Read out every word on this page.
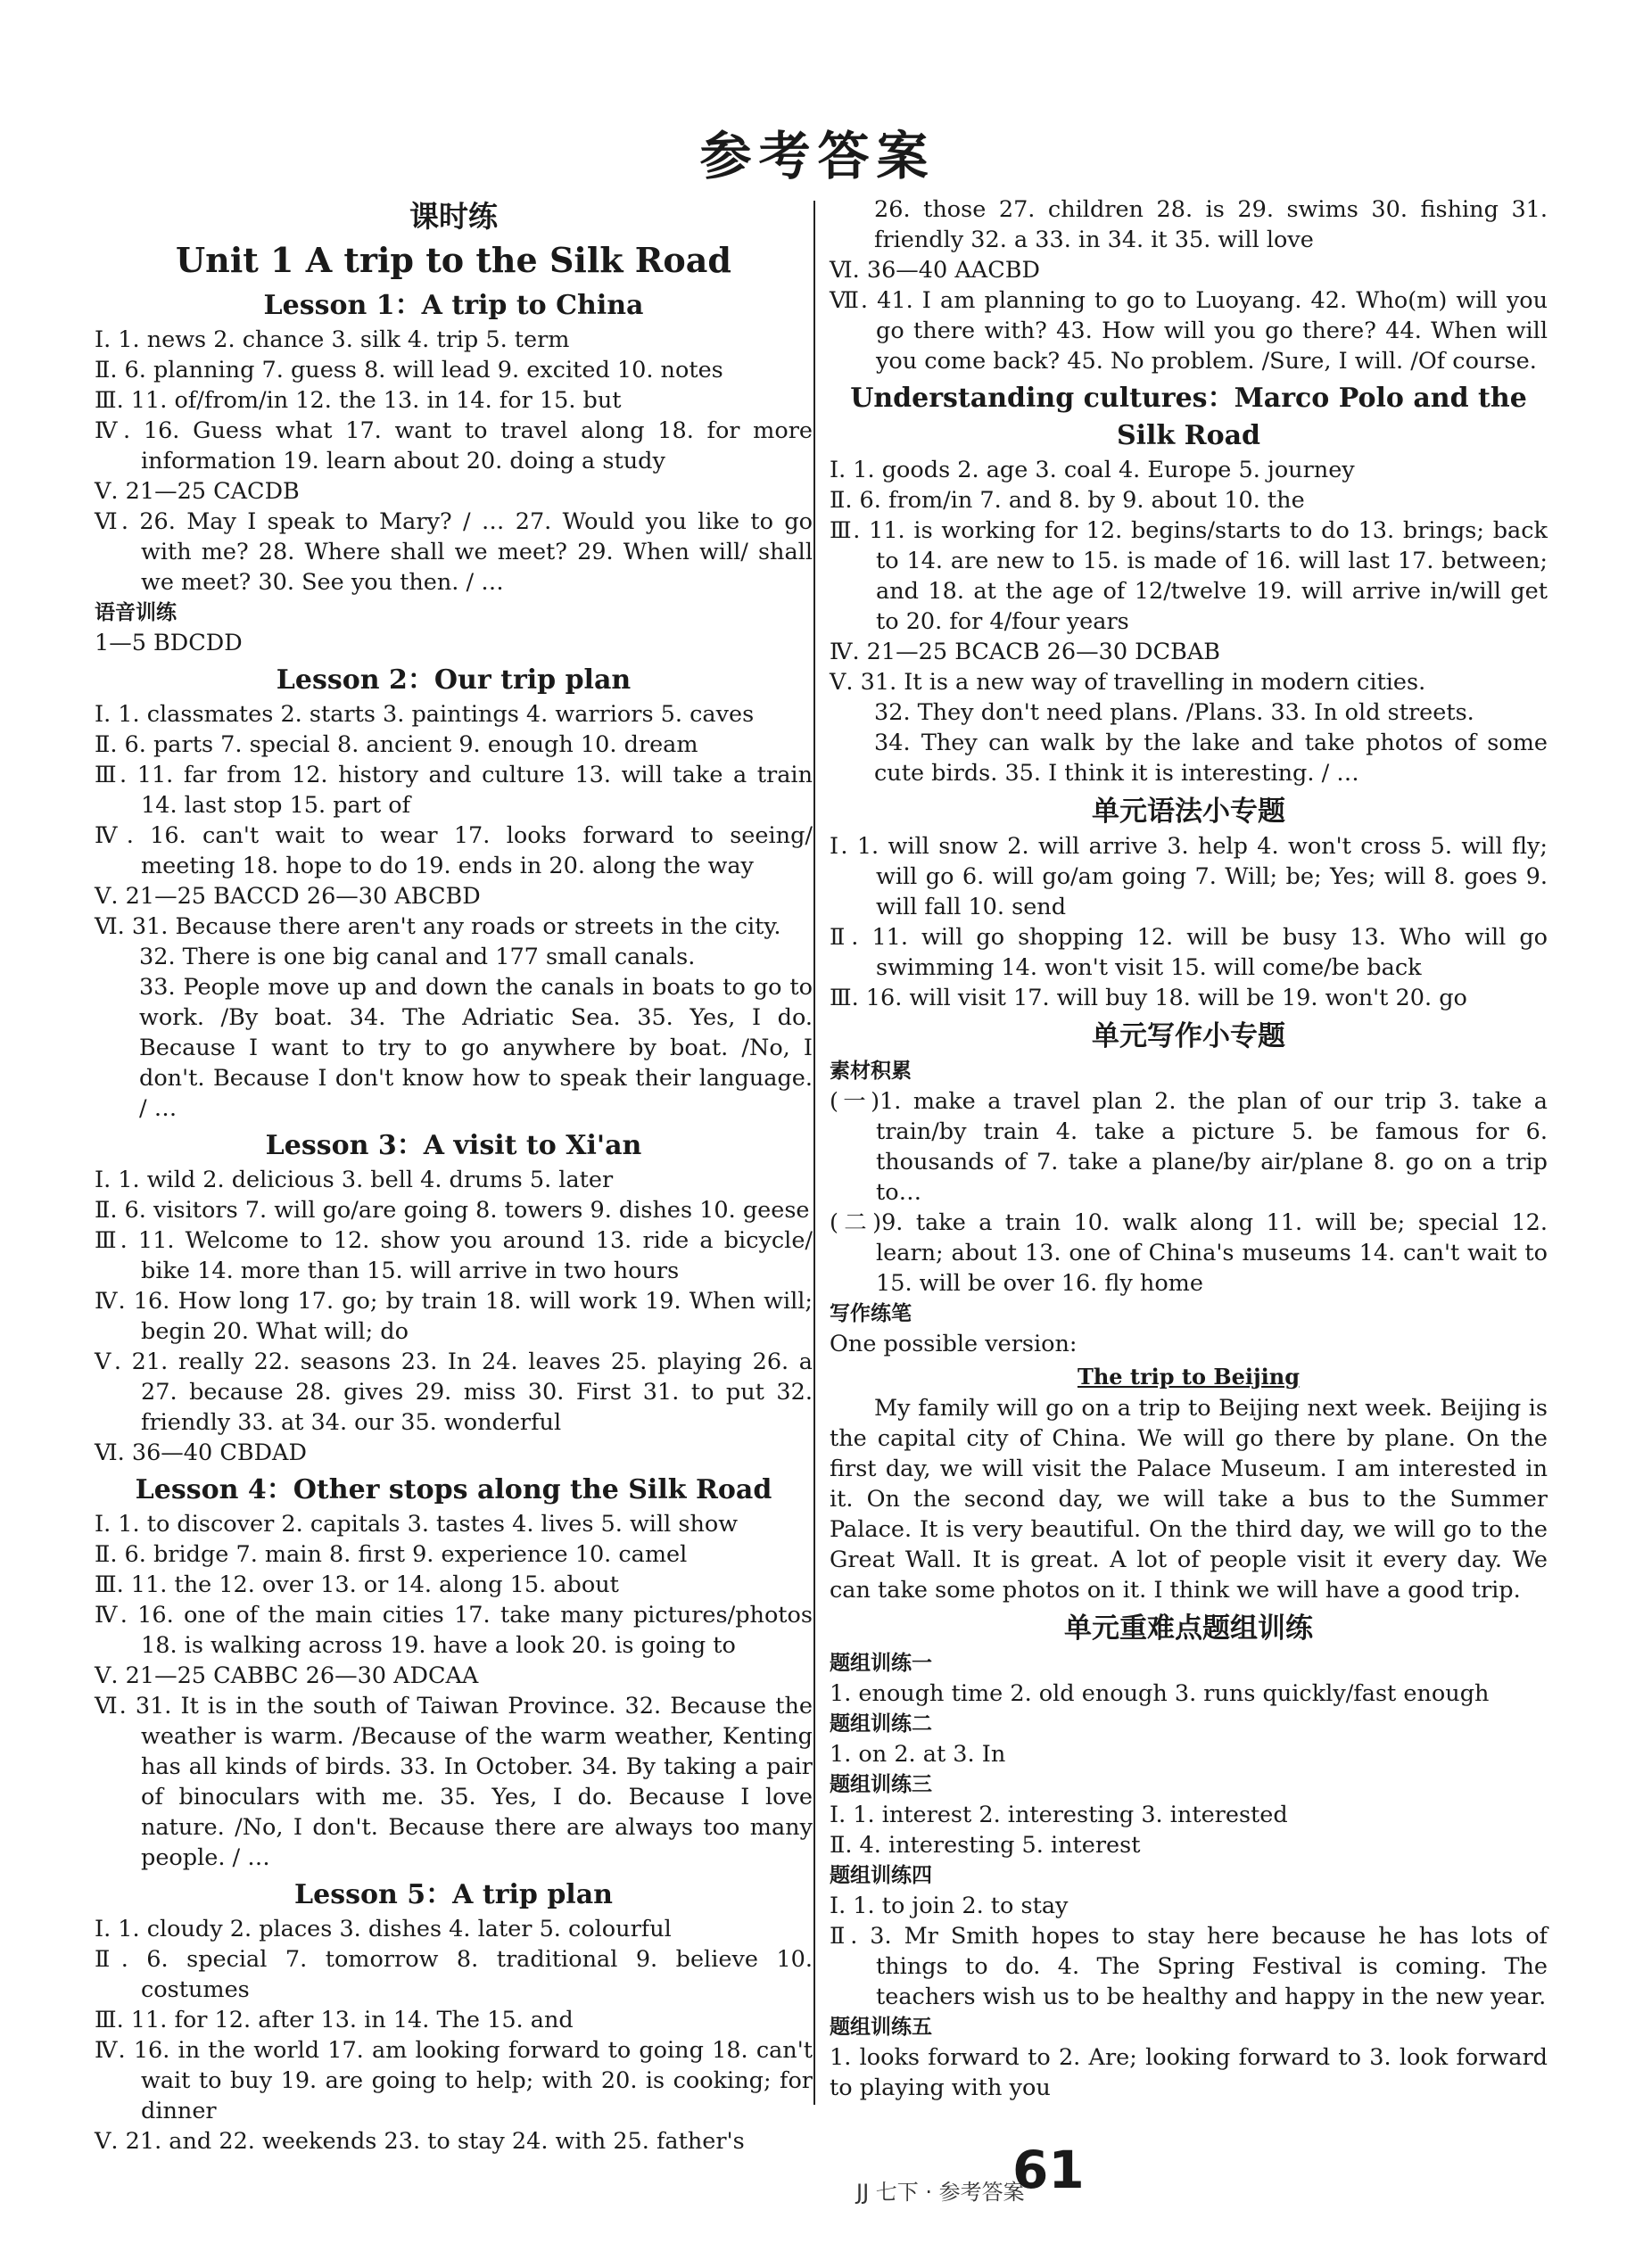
参考答案
课时练
Unit 1 A trip to the Silk Road
Lesson 1：A trip to China

Ⅰ. 1. news 2. chance 3. silk 4. trip 5. term

Ⅱ. 6. planning 7. guess 8. will lead 9. excited 10. notes

Ⅲ. 11. of/from/in 12. the 13. in 14. for 15. but

Ⅳ. 16. Guess what 17. want to travel along 18. for more information 19. learn about 20. doing a study

Ⅴ. 21—25 CACDB

Ⅵ. 26. May I speak to Mary? / … 27. Would you like to go with me? 28. Where shall we meet? 29. When will/ shall we meet? 30. See you then. / …

语音训练

1—5 BDCDD

Lesson 2：Our trip plan

Ⅰ. 1. classmates 2. starts 3. paintings 4. warriors 5. caves

Ⅱ. 6. parts 7. special 8. ancient 9. enough 10. dream

Ⅲ. 11. far from 12. history and culture 13. will take a train 14. last stop 15. part of

Ⅳ. 16. can't wait to wear 17. looks forward to seeing/ meeting 18. hope to do 19. ends in 20. along the way

Ⅴ. 21—25 BACCD 26—30 ABCBD

Ⅵ. 31. Because there aren't any roads or streets in the city.

32. There is one big canal and 177 small canals.

33. People move up and down the canals in boats to go to work. /By boat. 34. The Adriatic Sea. 35. Yes, I do. Because I want to try to go anywhere by boat. /No, I don't. Because I don't know how to speak their language. / …

Lesson 3：A visit to Xi'an

Ⅰ. 1. wild 2. delicious 3. bell 4. drums 5. later

Ⅱ. 6. visitors 7. will go/are going 8. towers 9. dishes 10. geese

Ⅲ. 11. Welcome to 12. show you around 13. ride a bicycle/ bike 14. more than 15. will arrive in two hours

Ⅳ. 16. How long 17. go; by train 18. will work 19. When will; begin 20. What will; do

Ⅴ. 21. really 22. seasons 23. In 24. leaves 25. playing 26. a 27. because 28. gives 29. miss 30. First 31. to put 32. friendly 33. at 34. our 35. wonderful

Ⅵ. 36—40 CBDAD

Lesson 4：Other stops along the Silk Road

Ⅰ. 1. to discover 2. capitals 3. tastes 4. lives 5. will show

Ⅱ. 6. bridge 7. main 8. first 9. experience 10. camel

Ⅲ. 11. the 12. over 13. or 14. along 15. about

Ⅳ. 16. one of the main cities 17. take many pictures/photos 18. is walking across 19. have a look 20. is going to

Ⅴ. 21—25 CABBC 26—30 ADCAA

Ⅵ. 31. It is in the south of Taiwan Province. 32. Because the weather is warm. /Because of the warm weather, Kenting has all kinds of birds. 33. In October. 34. By taking a pair of binoculars with me. 35. Yes, I do. Because I love nature. /No, I don't. Because there are always too many people. / …

Lesson 5：A trip plan

Ⅰ. 1. cloudy 2. places 3. dishes 4. later 5. colourful

Ⅱ. 6. special 7. tomorrow 8. traditional 9. believe 10. costumes

Ⅲ. 11. for 12. after 13. in 14. The 15. and

Ⅳ. 16. in the world 17. am looking forward to going 18. can't wait to buy 19. are going to help; with 20. is cooking; for dinner

Ⅴ. 21. and 22. weekends 23. to stay 24. with 25. father's

26. those 27. children 28. is 29. swims 30. fishing 31. friendly 32. a 33. in 34. it 35. will love

Ⅵ. 36—40 AACBD

Ⅶ. 41. I am planning to go to Luoyang. 42. Who(m) will you go there with? 43. How will you go there? 44. When will you come back? 45. No problem. /Sure, I will. /Of course.

Understanding cultures：Marco Polo and the Silk Road

Ⅰ. 1. goods 2. age 3. coal 4. Europe 5. journey

Ⅱ. 6. from/in 7. and 8. by 9. about 10. the

Ⅲ. 11. is working for 12. begins/starts to do 13. brings; back to 14. are new to 15. is made of 16. will last 17. between; and 18. at the age of 12/twelve 19. will arrive in/will get to 20. for 4/four years

Ⅳ. 21—25 BCACB 26—30 DCBAB

Ⅴ. 31. It is a new way of travelling in modern cities.

32. They don't need plans. /Plans. 33. In old streets.

34. They can walk by the lake and take photos of some cute birds. 35. I think it is interesting. / …

单元语法小专题

Ⅰ. 1. will snow 2. will arrive 3. help 4. won't cross 5. will fly; will go 6. will go/am going 7. Will; be; Yes; will 8. goes 9. will fall 10. send

Ⅱ. 11. will go shopping 12. will be busy 13. Who will go swimming 14. won't visit 15. will come/be back

Ⅲ. 16. will visit 17. will buy 18. will be 19. won't 20. go

单元写作小专题

素材积累

(一)1. make a travel plan 2. the plan of our trip 3. take a train/by train 4. take a picture 5. be famous for 6. thousands of 7. take a plane/by air/plane 8. go on a trip to…

(二)9. take a train 10. walk along 11. will be; special 12. learn; about 13. one of China's museums 14. can't wait to 15. will be over 16. fly home

写作练笔

One possible version:

The trip to Beijing

My family will go on a trip to Beijing next week. Beijing is the capital city of China. We will go there by plane. On the first day, we will visit the Palace Museum. I am interested in it. On the second day, we will take a bus to the Summer Palace. It is very beautiful. On the third day, we will go to the Great Wall. It is great. A lot of people visit it every day. We can take some photos on it. I think we will have a good trip.

单元重难点题组训练

题组训练一

1. enough time 2. old enough 3. runs quickly/fast enough

题组训练二

1. on 2. at 3. In

题组训练三

Ⅰ. 1. interest 2. interesting 3. interested

Ⅱ. 4. interesting 5. interest

题组训练四

Ⅰ. 1. to join 2. to stay

Ⅱ. 3. Mr Smith hopes to stay here because he has lots of things to do. 4. The Spring Festival is coming. The teachers wish us to be healthy and happy in the new year.

题组训练五

1. looks forward to 2. Are; looking forward to 3. look forward to playing with you

JJ 七下 · 参考答案
61
